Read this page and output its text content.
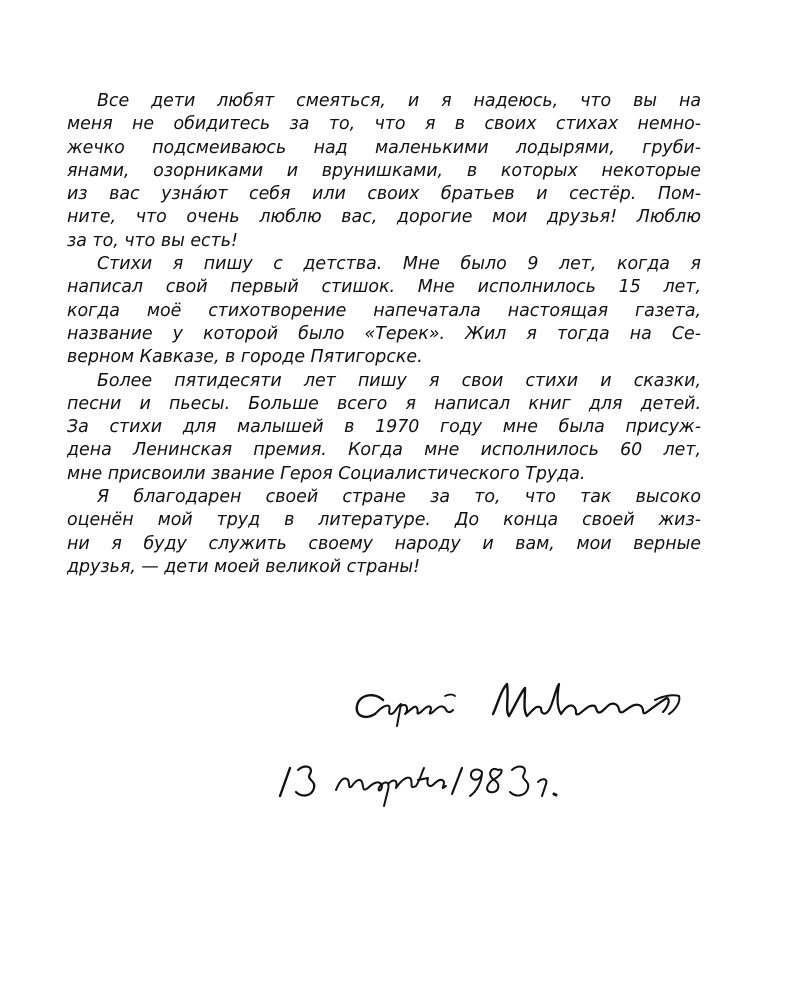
Все дети любят смеяться, и я надеюсь, что вы на
меня не обидитесь за то, что я в своих стихах немно-
жечко подсмеиваюсь над маленькими лодырями, груби-
янами, озорниками и врунишками, в которых некоторые
из вас узна́ют себя или своих братьев и сестёр. Пом-
ните, что очень люблю вас, дорогие мои друзья! Люблю
за то, что вы есть!
Стихи я пишу с детства. Мне было 9 лет, когда я
написал свой первый стишок. Мне исполнилось 15 лет,
когда моё стихотворение напечатала настоящая газета,
название у которой было «Терек». Жил я тогда на Се-
верном Кавказе, в городе Пятигорске.
Более пятидесяти лет пишу я свои стихи и сказки,
песни и пьесы. Больше всего я написал книг для детей.
За стихи для малышей в 1970 году мне была присуж-
дена Ленинская премия. Когда мне исполнилось 60 лет,
мне присвоили звание Героя Социалистического Труда.
Я благодарен своей стране за то, что так высоко
оценён мой труд в литературе. До конца своей жиз-
ни я буду служить своему народу и вам, мои верные
друзья, — дети моей великой страны!
